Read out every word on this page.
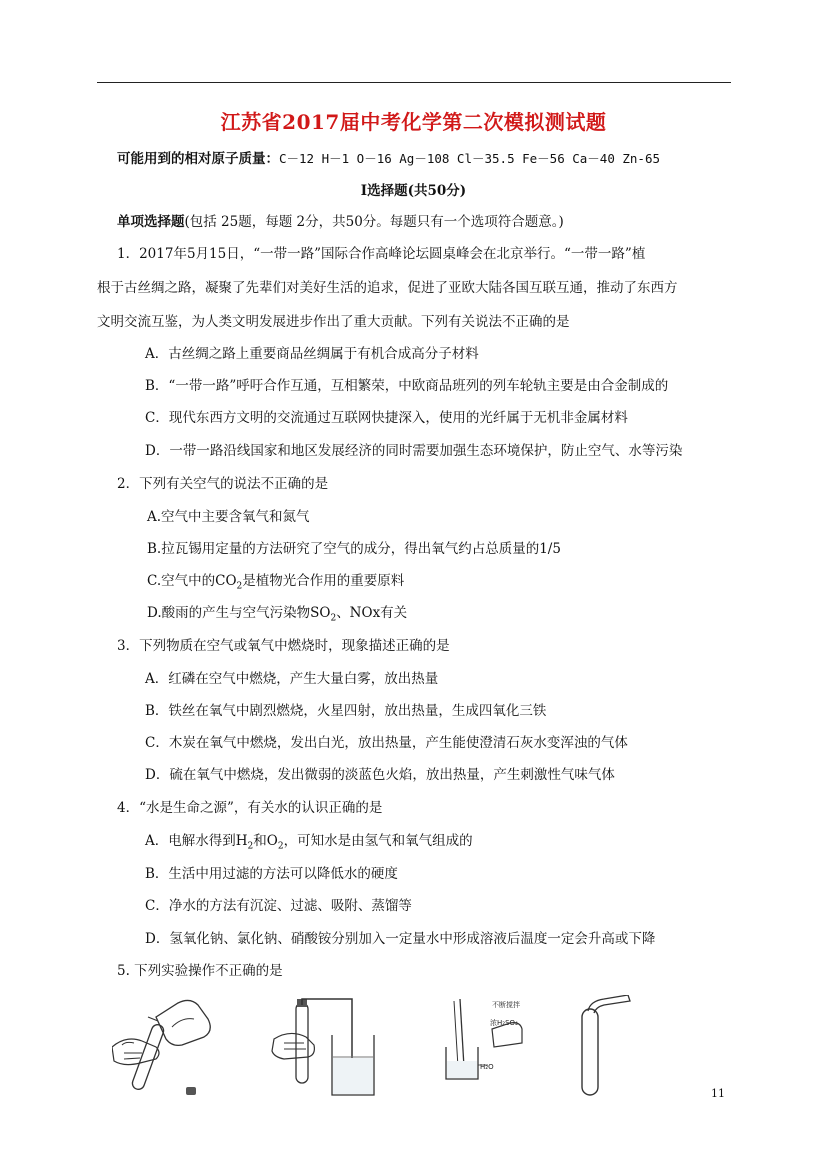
江苏省2017届中考化学第二次模拟测试题
可能用到的相对原子质量：C－12 H－1 O－16 Ag－108 Cl－35.5 Fe－56 Ca－40 Zn-65
Ⅰ选择题(共50分)
单项选择题(包括 25题，每题 2分，共50分。每题只有一个选项符合题意。)
1．2017年5月15日，“一带一路”国际合作高峰论坛圆桌峰会在北京举行。“一带一路”植
根于古丝绸之路，凝聚了先辈们对美好生活的追求，促进了亚欧大陆各国互联互通，推动了东西方
文明交流互鉴，为人类文明发展进步作出了重大贡献。下列有关说法不正确的是
A．古丝绸之路上重要商品丝绸属于有机合成高分子材料
B．“一带一路”呼吁合作互通，互相繁荣，中欧商品班列的列车轮轨主要是由合金制成的
C．现代东西方文明的交流通过互联网快捷深入，使用的光纤属于无机非金属材料
D．一带一路沿线国家和地区发展经济的同时需要加强生态环境保护，防止空气、水等污染
2．下列有关空气的说法不正确的是
A.空气中主要含氧气和氮气
B.拉瓦锡用定量的方法研究了空气的成分，得出氧气约占总质量的1/5
C.空气中的$CO_2$是植物光合作用的重要原料
D.酸雨的产生与空气污染物$SO_2$、NOx有关
3．下列物质在空气或氧气中燃烧时，现象描述正确的是
A．红磷在空气中燃烧，产生大量白雾，放出热量
B．铁丝在氧气中剧烈燃烧，火星四射，放出热量，生成四氧化三铁
C．木炭在氧气中燃烧，发出白光，放出热量，产生能使澄清石灰水变浑浊的气体
D．硫在氧气中燃烧，发出微弱的淡蓝色火焰，放出热量，产生刺激性气味气体
4．“水是生命之源”，有关水的认识正确的是
A．电解水得到$H_2$和$O_2$，可知水是由氢气和氧气组成的
B．生活中用过滤的方法可以降低水的硬度
C．净水的方法有沉淀、过滤、吸附、蒸馏等
D．氢氧化钠、氯化钠、硝酸铵分别加入一定量水中形成溶液后温度一定会升高或下降
5. 下列实验操作不正确的是
不断搅拌
浓H₂SO₄
H₂O
11
